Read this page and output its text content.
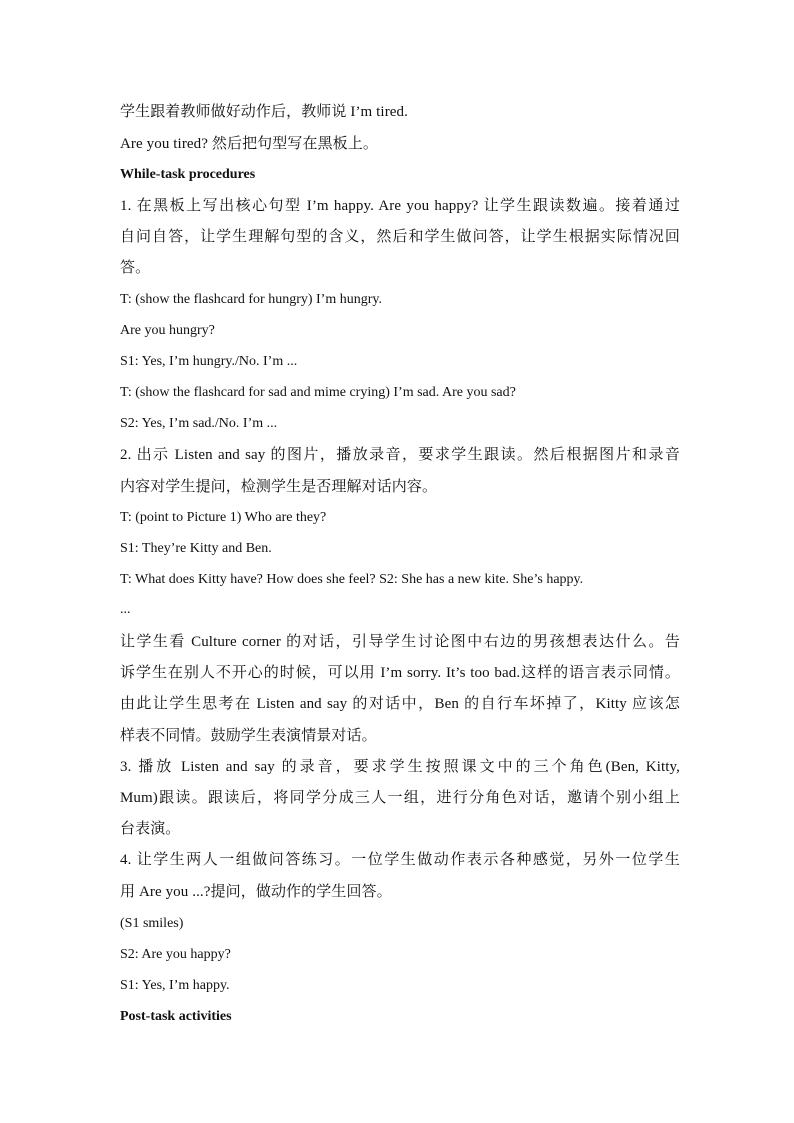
学生跟着教师做好动作后，教师说 I’m tired.
Are you tired? 然后把句型写在黑板上。
While-task procedures
1. 在黑板上写出核心句型 I’m happy. Are you happy? 让学生跟读数遍。接着通过
自问自答，让学生理解句型的含义，然后和学生做问答，让学生根据实际情况回
答。
T: (show the flashcard for hungry) I’m hungry.
Are you hungry?
S1: Yes, I’m hungry./No. I’m ...
T: (show the flashcard for sad and mime crying) I’m sad. Are you sad?
S2: Yes, I’m sad./No. I’m ...
2. 出示 Listen and say 的图片，播放录音，要求学生跟读。然后根据图片和录音
内容对学生提问，检测学生是否理解对话内容。
T: (point to Picture 1) Who are they?
S1: They’re Kitty and Ben.
T: What does Kitty have? How does she feel? S2: She has a new kite. She’s happy.
...
让学生看 Culture corner 的对话，引导学生讨论图中右边的男孩想表达什么。告
诉学生在别人不开心的时候，可以用 I’m sorry. It’s too bad.这样的语言表示同情。
由此让学生思考在 Listen and say 的对话中，Ben 的自行车坏掉了，Kitty 应该怎
样表不同情。鼓励学生表演情景对话。
3. 播放 Listen and say 的录音，要求学生按照课文中的三个角色(Ben, Kitty,
Mum)跟读。跟读后，将同学分成三人一组，进行分角色对话，邀请个别小组上
台表演。
4. 让学生两人一组做问答练习。一位学生做动作表示各种感觉，另外一位学生
用 Are you ...?提问，做动作的学生回答。
(S1 smiles)
S2: Are you happy?
S1: Yes, I’m happy.
Post-task activities
